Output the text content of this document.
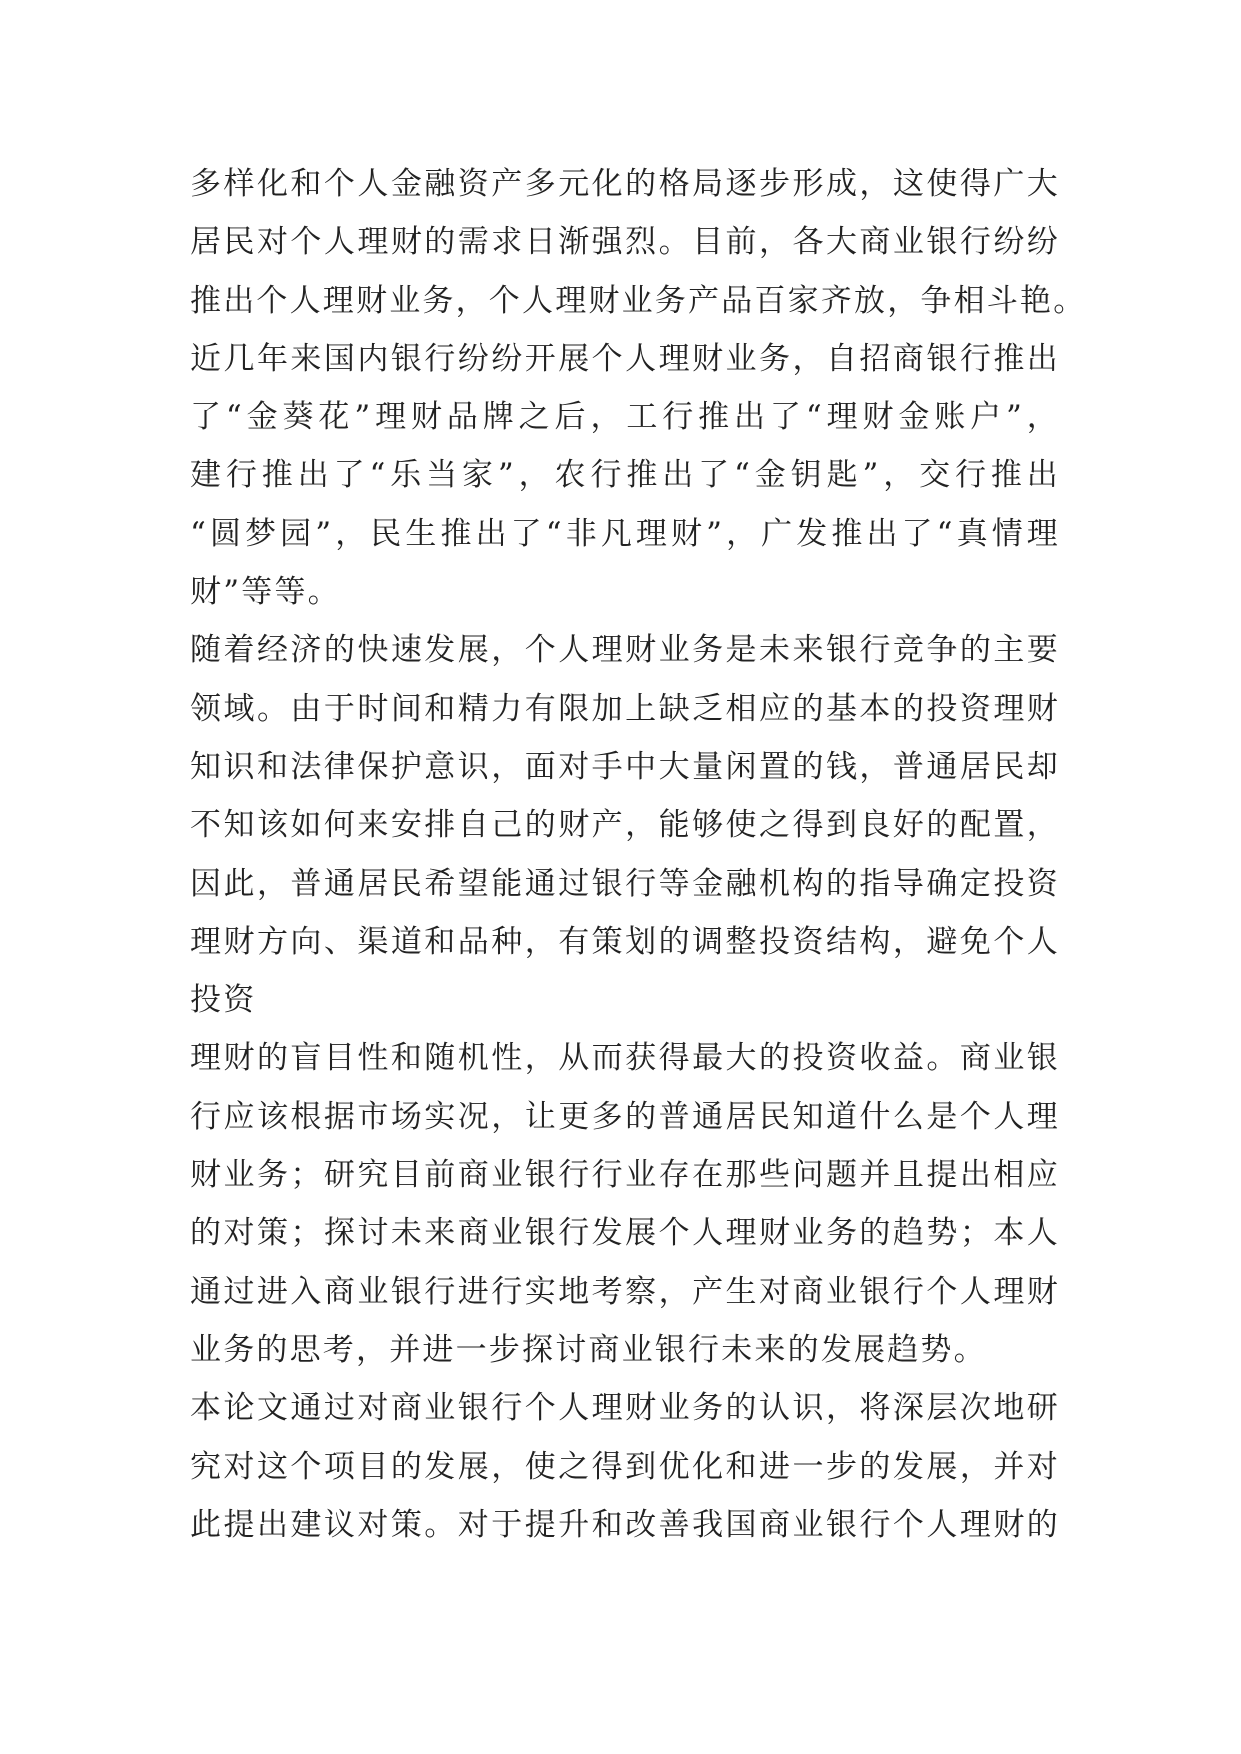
多样化和个人金融资产多元化的格局逐步形成，这使得广大
居民对个人理财的需求日渐强烈。目前，各大商业银行纷纷
推出个人理财业务，个人理财业务产品百家齐放，争相斗艳。
近几年来国内银行纷纷开展个人理财业务，自招商银行推出
了“金葵花”理财品牌之后，工行推出了“理财金账户”，
建行推出了“乐当家”，农行推出了“金钥匙”，交行推出
“圆梦园”，民生推出了“非凡理财”，广发推出了“真情理
财”等等。
随着经济的快速发展，个人理财业务是未来银行竞争的主要
领域。由于时间和精力有限加上缺乏相应的基本的投资理财
知识和法律保护意识，面对手中大量闲置的钱，普通居民却
不知该如何来安排自己的财产，能够使之得到良好的配置，
因此，普通居民希望能通过银行等金融机构的指导确定投资
理财方向、渠道和品种，有策划的调整投资结构，避免个人
投资
理财的盲目性和随机性，从而获得最大的投资收益。商业银
行应该根据市场实况，让更多的普通居民知道什么是个人理
财业务；研究目前商业银行行业存在那些问题并且提出相应
的对策；探讨未来商业银行发展个人理财业务的趋势；本人
通过进入商业银行进行实地考察，产生对商业银行个人理财
业务的思考，并进一步探讨商业银行未来的发展趋势。
本论文通过对商业银行个人理财业务的认识，将深层次地研
究对这个项目的发展，使之得到优化和进一步的发展，并对
此提出建议对策。对于提升和改善我国商业银行个人理财的
